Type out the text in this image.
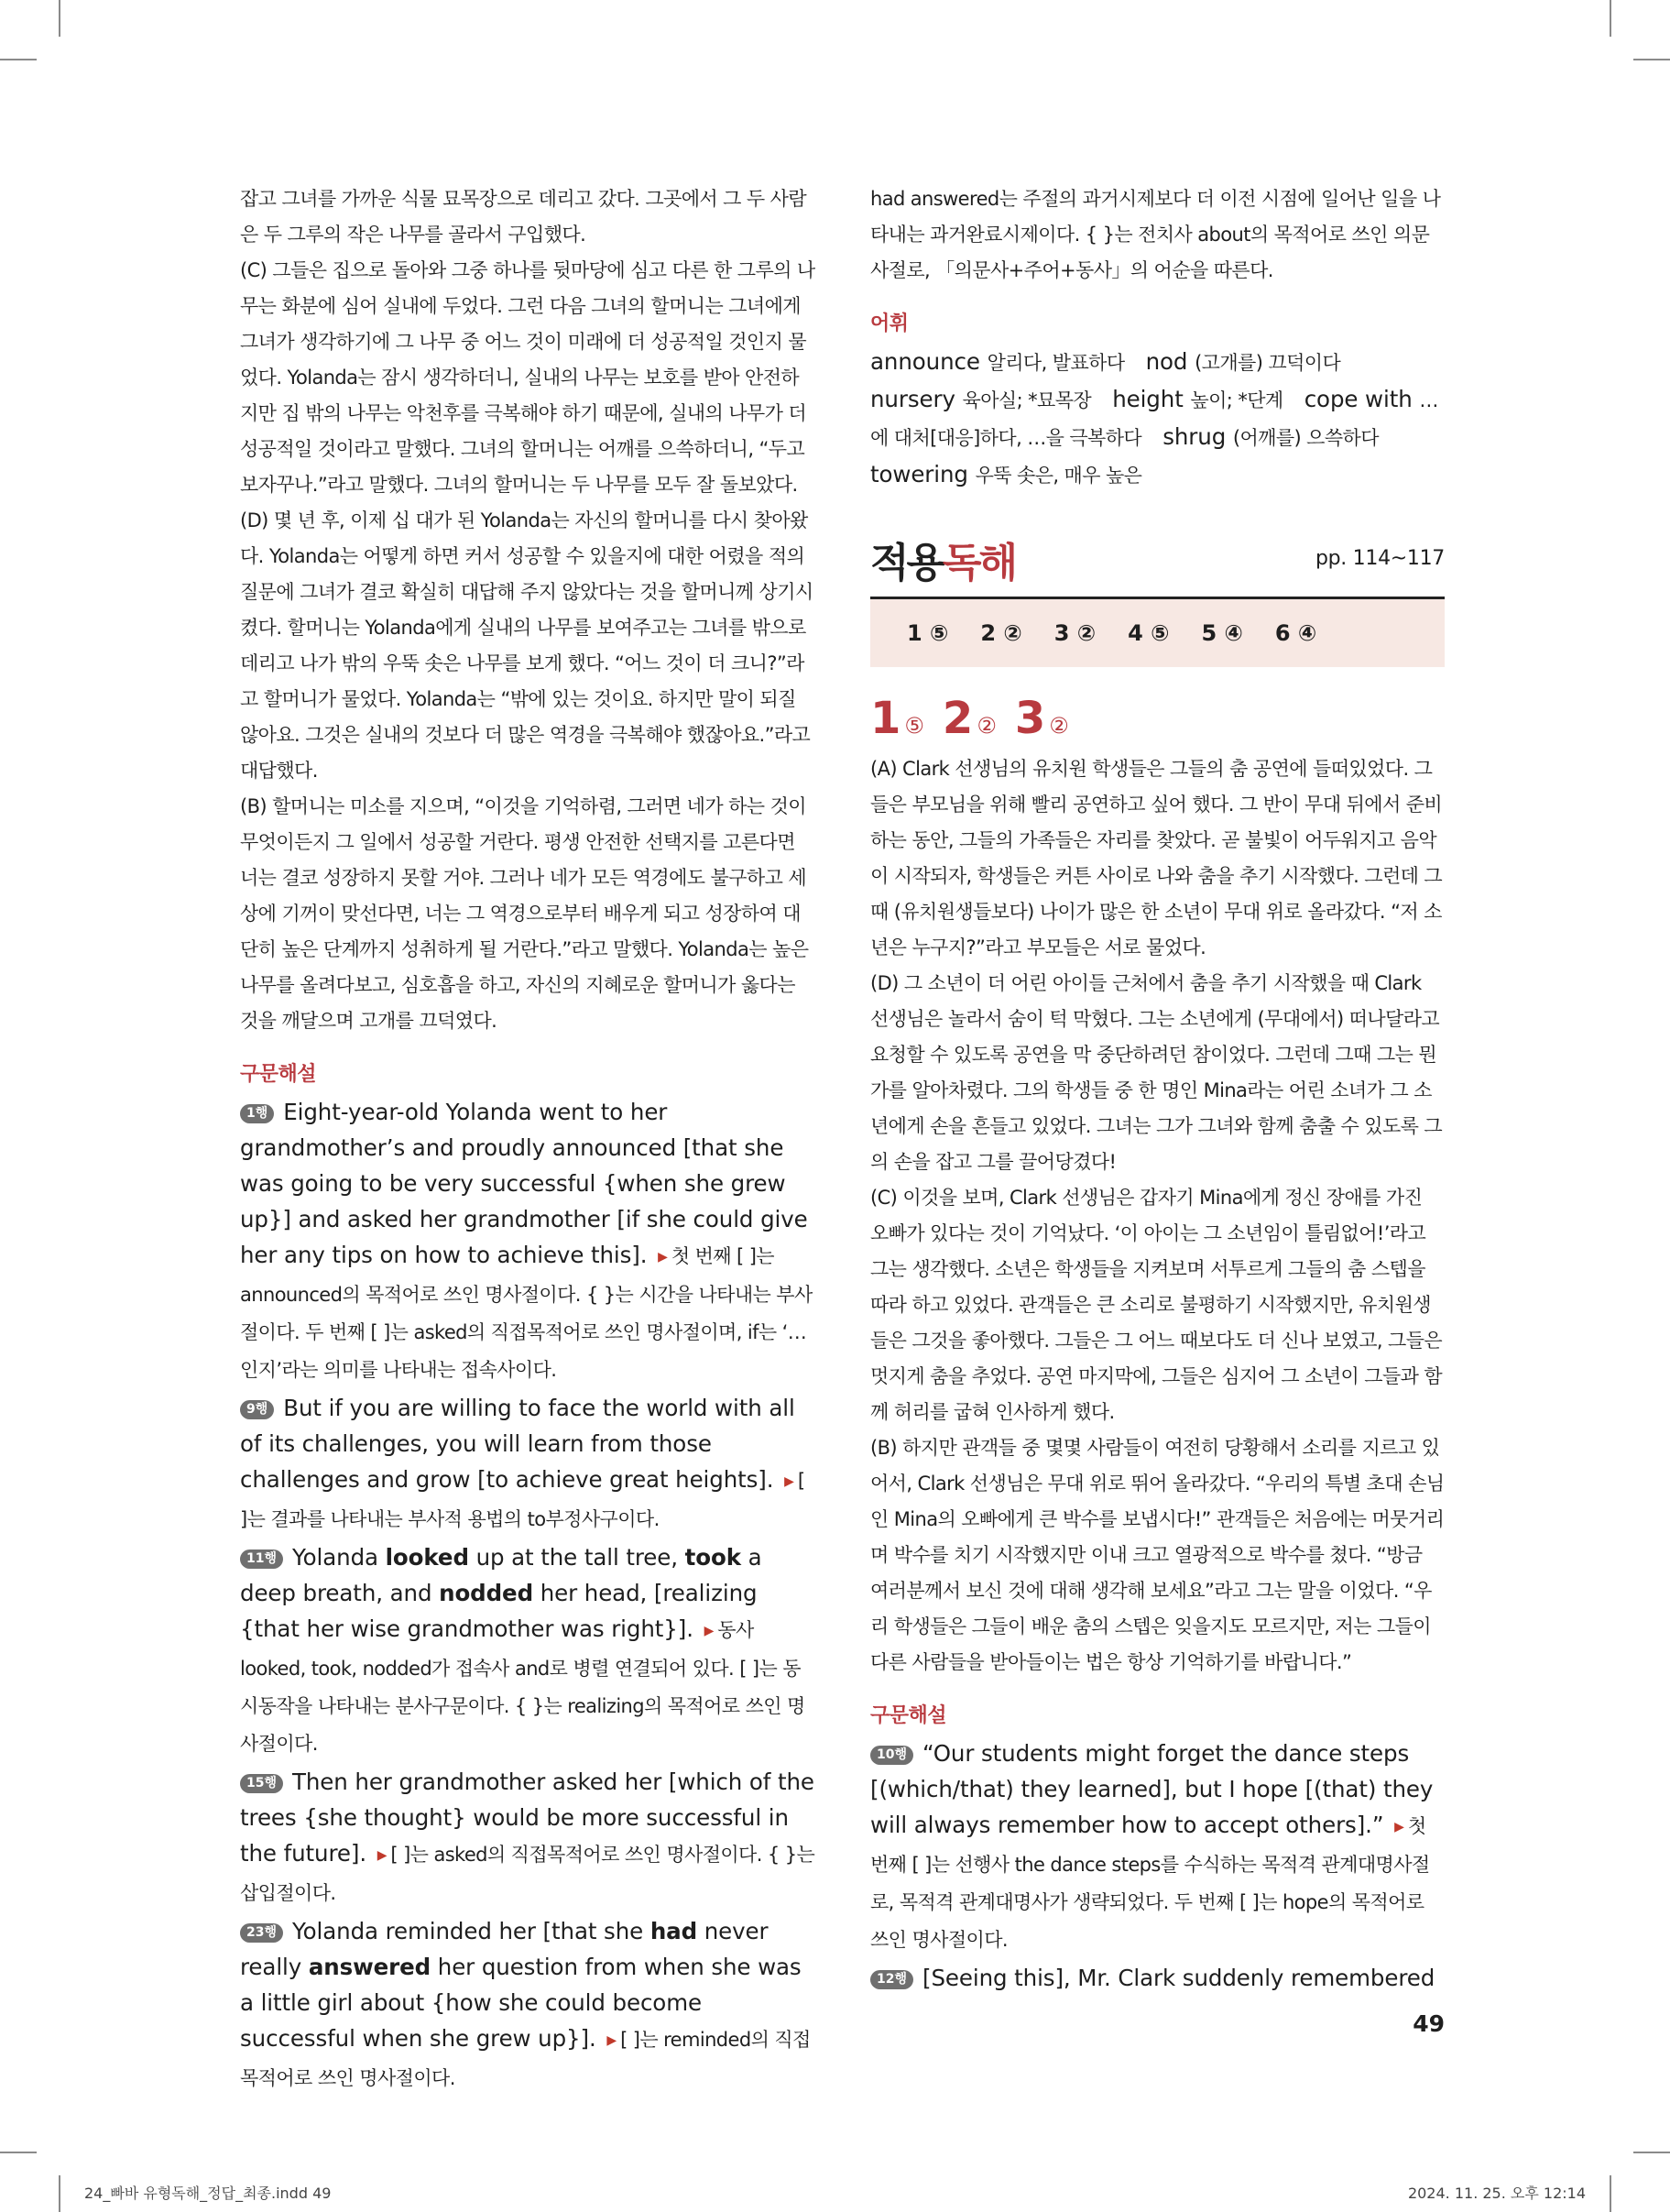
잡고 그녀를 가까운 식물 묘목장으로 데리고 갔다. 그곳에서 그 두 사람은 두 그루의 작은 나무를 골라서 구입했다.

(C) 그들은 집으로 돌아와 그중 하나를 뒷마당에 심고 다른 한 그루의 나무는 화분에 심어 실내에 두었다. 그런 다음 그녀의 할머니는 그녀에게 그녀가 생각하기에 그 나무 중 어느 것이 미래에 더 성공적일 것인지 물었다. Yolanda는 잠시 생각하더니, 실내의 나무는 보호를 받아 안전하지만 집 밖의 나무는 악천후를 극복해야 하기 때문에, 실내의 나무가 더 성공적일 것이라고 말했다. 그녀의 할머니는 어깨를 으쓱하더니, “두고 보자꾸나.”라고 말했다. 그녀의 할머니는 두 나무를 모두 잘 돌보았다.

(D) 몇 년 후, 이제 십 대가 된 Yolanda는 자신의 할머니를 다시 찾아왔다. Yolanda는 어떻게 하면 커서 성공할 수 있을지에 대한 어렸을 적의 질문에 그녀가 결코 확실히 대답해 주지 않았다는 것을 할머니께 상기시켰다. 할머니는 Yolanda에게 실내의 나무를 보여주고는 그녀를 밖으로 데리고 나가 밖의 우뚝 솟은 나무를 보게 했다. “어느 것이 더 크니?”라고 할머니가 물었다. Yolanda는 “밖에 있는 것이요. 하지만 말이 되질 않아요. 그것은 실내의 것보다 더 많은 역경을 극복해야 했잖아요.”라고 대답했다.

(B) 할머니는 미소를 지으며, “이것을 기억하렴, 그러면 네가 하는 것이 무엇이든지 그 일에서 성공할 거란다. 평생 안전한 선택지를 고른다면 너는 결코 성장하지 못할 거야. 그러나 네가 모든 역경에도 불구하고 세상에 기꺼이 맞선다면, 너는 그 역경으로부터 배우게 되고 성장하여 대단히 높은 단계까지 성취하게 될 거란다.”라고 말했다. Yolanda는 높은 나무를 올려다보고, 심호흡을 하고, 자신의 지혜로운 할머니가 옳다는 것을 깨달으며 고개를 끄덕였다.

구문해설

1행 Eight-year-old Yolanda went to her grandmother’s and proudly announced [that she was going to be very successful {when she grew up}] and asked her grandmother [if she could give her any tips on how to achieve this]. ▶ 첫 번째 [ ]는 announced의 목적어로 쓰인 명사절이다. { }는 시간을 나타내는 부사절이다. 두 번째 [ ]는 asked의 직접목적어로 쓰인 명사절이며, if는 ‘…인지’라는 의미를 나타내는 접속사이다.

9행 But if you are willing to face the world with all of its challenges, you will learn from those challenges and grow [to achieve great heights]. ▶ [ ]는 결과를 나타내는 부사적 용법의 to부정사구이다.

11행 Yolanda looked up at the tall tree, took a deep breath, and nodded her head, [realizing {that her wise grandmother was right}]. ▶ 동사 looked, took, nodded가 접속사 and로 병렬 연결되어 있다. [ ]는 동시동작을 나타내는 분사구문이다. { }는 realizing의 목적어로 쓰인 명사절이다.

15행 Then her grandmother asked her [which of the trees {she thought} would be more successful in the future]. ▶ [ ]는 asked의 직접목적어로 쓰인 명사절이다. { }는 삽입절이다.

23행 Yolanda reminded her [that she had never really answered her question from when she was a little girl about {how she could become successful when she grew up}]. ▶ [ ]는 reminded의 직접목적어로 쓰인 명사절이다.

had answered는 주절의 과거시제보다 더 이전 시점에 일어난 일을 나타내는 과거완료시제이다. { }는 전치사 about의 목적어로 쓰인 의문사절로, 「의문사+주어+동사」의 어순을 따른다.

어휘

announce 알리다, 발표하다 nod (고개를) 끄덕이다   nursery 육아실; *묘목장 height 높이; *단계 cope with …에 대처[대응]하다, …을 극복하다 shrug (어깨를) 으쓱하다   towering 우뚝 솟은, 매우 높은

적용독해	pp. 114~117
1 ⑤ 2 ② 3 ② 4 ⑤ 5 ④ 6 ④
1 ⑤ 2 ② 3 ②

(A) Clark 선생님의 유치원 학생들은 그들의 춤 공연에 들떠있었다. 그들은 부모님을 위해 빨리 공연하고 싶어 했다. 그 반이 무대 뒤에서 준비하는 동안, 그들의 가족들은 자리를 찾았다. 곧 불빛이 어두워지고 음악이 시작되자, 학생들은 커튼 사이로 나와 춤을 추기 시작했다. 그런데 그때 (유치원생들보다) 나이가 많은 한 소년이 무대 위로 올라갔다. “저 소년은 누구지?”라고 부모들은 서로 물었다.

(D) 그 소년이 더 어린 아이들 근처에서 춤을 추기 시작했을 때 Clark 선생님은 놀라서 숨이 턱 막혔다. 그는 소년에게 (무대에서) 떠나달라고 요청할 수 있도록 공연을 막 중단하려던 참이었다. 그런데 그때 그는 뭔가를 알아차렸다. 그의 학생들 중 한 명인 Mina라는 어린 소녀가 그 소년에게 손을 흔들고 있었다. 그녀는 그가 그녀와 함께 춤출 수 있도록 그의 손을 잡고 그를 끌어당겼다!

(C) 이것을 보며, Clark 선생님은 갑자기 Mina에게 정신 장애를 가진 오빠가 있다는 것이 기억났다. ‘이 아이는 그 소년임이 틀림없어!’라고 그는 생각했다. 소년은 학생들을 지켜보며 서투르게 그들의 춤 스텝을 따라 하고 있었다. 관객들은 큰 소리로 불평하기 시작했지만, 유치원생들은 그것을 좋아했다. 그들은 그 어느 때보다도 더 신나 보였고, 그들은 멋지게 춤을 추었다. 공연 마지막에, 그들은 심지어 그 소년이 그들과 함께 허리를 굽혀 인사하게 했다.

(B) 하지만 관객들 중 몇몇 사람들이 여전히 당황해서 소리를 지르고 있어서, Clark 선생님은 무대 위로 뛰어 올라갔다. “우리의 특별 초대 손님인 Mina의 오빠에게 큰 박수를 보냅시다!” 관객들은 처음에는 머뭇거리며 박수를 치기 시작했지만 이내 크고 열광적으로 박수를 쳤다. “방금 여러분께서 보신 것에 대해 생각해 보세요”라고 그는 말을 이었다. “우리 학생들은 그들이 배운 춤의 스텝은 잊을지도 모르지만, 저는 그들이 다른 사람들을 받아들이는 법은 항상 기억하기를 바랍니다.”

구문해설

10행 “Our students might forget the dance steps [(which/that) they learned], but I hope [(that) they will always remember how to accept others].” ▶ 첫 번째 [ ]는 선행사 the dance steps를 수식하는 목적격 관계대명사절로, 목적격 관계대명사가 생략되었다. 두 번째 [ ]는 hope의 목적어로 쓰인 명사절이다.

12행 [Seeing this], Mr. Clark suddenly remembered

49
24_빠바 유형독해_정답_최종.indd 49	2024. 11. 25. 오후 12:14
